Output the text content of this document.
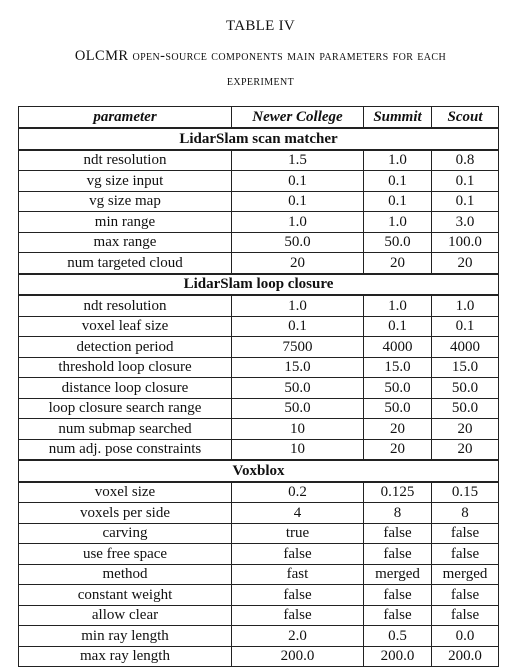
TABLE IV
OLCMR open-source components main parameters for each
experiment
parameter	Newer College	Summit	Scout
LidarSlam scan matcher			
ndt resolution	1.5	1.0	0.8
vg size input	0.1	0.1	0.1
vg size map	0.1	0.1	0.1
min range	1.0	1.0	3.0
max range	50.0	50.0	100.0
num targeted cloud	20	20	20
LidarSlam loop closure			
ndt resolution	1.0	1.0	1.0
voxel leaf size	0.1	0.1	0.1
detection period	7500	4000	4000
threshold loop closure	15.0	15.0	15.0
distance loop closure	50.0	50.0	50.0
loop closure search range	50.0	50.0	50.0
num submap searched	10	20	20
num adj. pose constraints	10	20	20
Voxblox			
voxel size	0.2	0.125	0.15
voxels per side	4	8	8
carving	true	false	false
use free space	false	false	false
method	fast	merged	merged
constant weight	false	false	false
allow clear	false	false	false
min ray length	2.0	0.5	0.0
max ray length	200.0	200.0	200.0
